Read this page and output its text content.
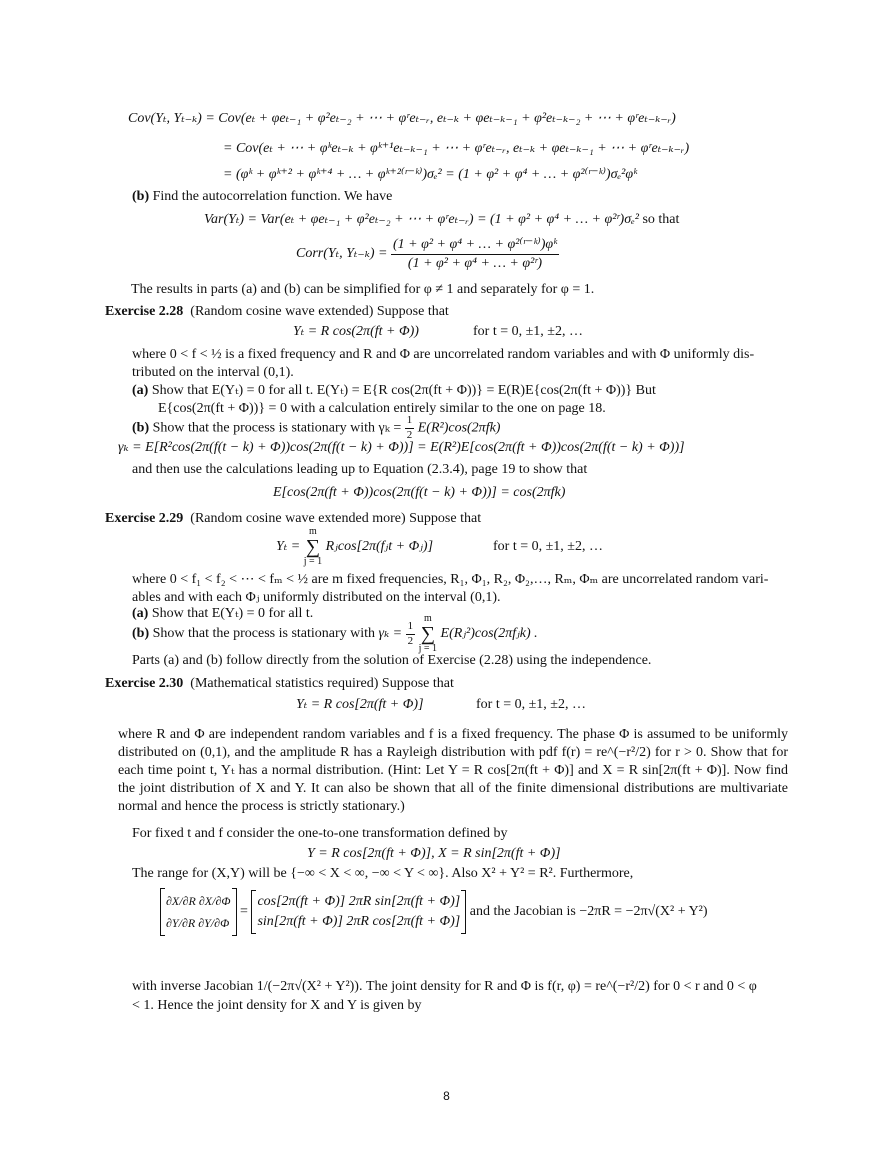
Cov(Yₜ, Yₜ₋ₖ) = Cov(eₜ + φeₜ₋₁ + φ²eₜ₋₂ + ⋯ + φʳeₜ₋ᵣ, eₜ₋ₖ + φeₜ₋ₖ₋₁ + φ²eₜ₋ₖ₋₂ + ⋯ + φʳeₜ₋ₖ₋ᵣ)
= Cov(eₜ + ⋯ + φᵏeₜ₋ₖ + φᵏ⁺¹eₜ₋ₖ₋₁ + ⋯ + φʳeₜ₋ᵣ, eₜ₋ₖ + φeₜ₋ₖ₋₁ + ⋯ + φʳeₜ₋ₖ₋ᵣ)
= (φᵏ + φᵏ⁺² + φᵏ⁺⁴ + … + φᵏ⁺²⁽ʳ⁻ᵏ⁾)σₑ² = (1 + φ² + φ⁴ + … + φ²⁽ʳ⁻ᵏ⁾)σₑ²φᵏ
(b) Find the autocorrelation function. We have
Var(Yₜ) = Var(eₜ + φeₜ₋₁ + φ²eₜ₋₂ + ⋯ + φʳeₜ₋ᵣ) = (1 + φ² + φ⁴ + … + φ²ʳ)σₑ² so that
Corr(Yₜ, $Y_{t-k}) = \frac{\text{(1 + φ² + φ⁴ + … + φ²⁽ʳ⁻ᵏ⁾)φᵏ}}{\text{(1 + φ² + φ⁴ + … + φ²ʳ)}}$
The results in parts (a) and (b) can be simplified for φ ≠ 1 and separately for φ = 1.
Exercise 2.28 (Random cosine wave extended) Suppose that
Yₜ = R cos(2π(ft + Φ))	for t = 0, ±1, ±2, …
where 0 < f < ½ is a fixed frequency and R and Φ are uncorrelated random variables and with Φ uniformly dis-
tributed on the interval (0,1).
(a) Show that E(Yₜ) = 0 for all t. E(Yₜ) = E{R cos(2π(ft + Φ))} = E(R)E{cos(2π(ft + Φ))} But
E{cos(2π(ft + Φ))} = 0 with a calculation entirely similar to the one on page 18.
(b) Show that the process is stationary with $\gamma_k = \frac{1}{2} E(R^2)\cos(2\pi fk)$
γₖ = E[R²cos(2π(f(t − k) + Φ))cos(2π(f(t − k) + Φ))] = E(R²)E[cos(2π(ft + Φ))cos(2π(f(t − k) + Φ))]
and then use the calculations leading up to Equation (2.3.4), page 19 to show that
E[cos(2π(ft + Φ))cos(2π(f(t − k) + Φ))] = cos(2πfk)
Exercise 2.29 (Random cosine wave extended more) Suppose that
Yₜ = m
∑
j = 1 Rⱼcos[2π(fⱼt + Φⱼ)]	for t = 0, ±1, ±2, …
where 0 < f₁ < f₂ < ⋯ < fₘ < ½ are m fixed frequencies, R₁, Φ₁, R₂, Φ₂,…, Rₘ, Φₘ are uncorrelated random vari-
ables and with each Φⱼ uniformly distributed on the interval (0,1).
(a) Show that E(Yₜ) = 0 for all t.
(b) Show that the process is stationary with $\gamma_k = \frac{1}{2}$
m
∑
j = 1 E(Rⱼ²)cos(2πfⱼk) .
Parts (a) and (b) follow directly from the solution of Exercise (2.28) using the independence.
Exercise 2.30 (Mathematical statistics required) Suppose that
Yₜ = R cos[2π(ft + Φ)]	for t = 0, ±1, ±2, …
where R and Φ are independent random variables and f is a fixed frequency. The phase Φ is assumed to be uniformly distributed on (0,1), and the amplitude R has a Rayleigh distribution with pdf f(r) = re^(−r²/2) for r > 0. Show that for each time point t, Yₜ has a normal distribution. (Hint: Let Y = R cos[2π(ft + Φ)] and X = R sin[2π(ft + Φ)]. Now find the joint distribution of X and Y. It can also be shown that all of the finite dimensional distributions are multivariate normal and hence the process is strictly stationary.)
For fixed t and f consider the one-to-one transformation defined by
Y = R cos[2π(ft + Φ)], X = R sin[2π(ft + Φ)]
The range for (X,Y) will be {−∞ < X < ∞, −∞ < Y < ∞}. Also X² + Y² = R². Furthermore,
∂X/∂R ∂X/∂Φ
∂Y/∂R ∂Y/∂Φ = cos[2π(ft + Φ)] 2πR sin[2π(ft + Φ)]
sin[2π(ft + Φ)] 2πR cos[2π(ft + Φ)] and the Jacobian is −2πR = −2π√(X² + Y²)
with inverse Jacobian 1/(−2π√(X² + Y²)). The joint density for R and Φ is f(r, φ) = re^(−r²/2) for 0 < r and 0 < φ
< 1. Hence the joint density for X and Y is given by
8
